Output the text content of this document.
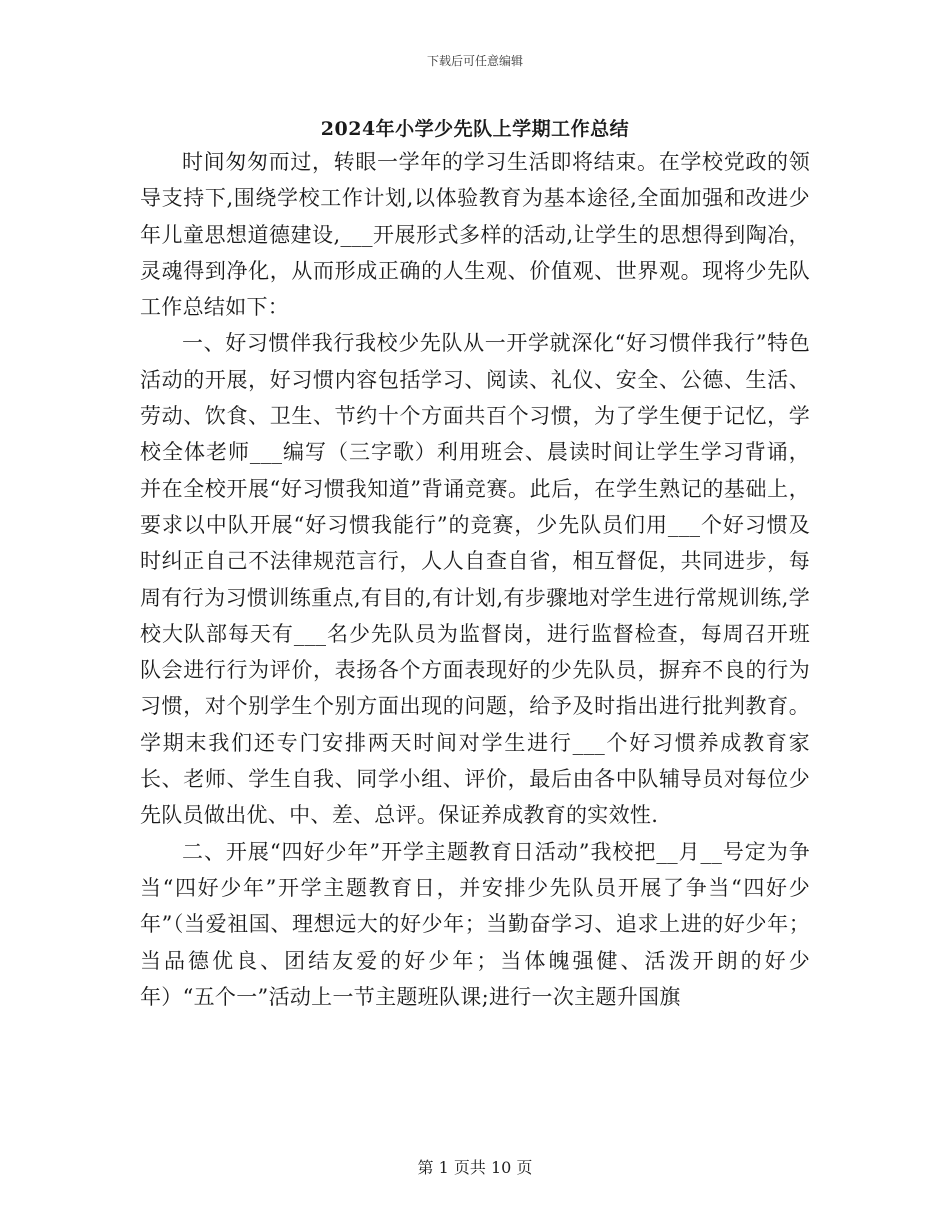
下载后可任意编辑
2024年小学少先队上学期工作总结

时间匆匆而过，转眼一学年的学习生活即将结束。在学校党政的领导支持下,围绕学校工作计划,以体验教育为基本途径,全面加强和改进少年儿童思想道德建设,___开展形式多样的活动,让学生的思想得到陶冶，灵魂得到净化，从而形成正确的人生观、价值观、世界观。现将少先队工作总结如下：

一、好习惯伴我行我校少先队从一开学就深化“好习惯伴我行”特色活动的开展，好习惯内容包括学习、阅读、礼仪、安全、公德、生活、劳动、饮食、卫生、节约十个方面共百个习惯，为了学生便于记忆，学校全体老师___编写（三字歌）利用班会、晨读时间让学生学习背诵，并在全校开展“好习惯我知道”背诵竞赛。此后，在学生熟记的基础上，要求以中队开展“好习惯我能行”的竞赛，少先队员们用___个好习惯及时纠正自己不法律规范言行，人人自查自省，相互督促，共同进步，每周有行为习惯训练重点,有目的,有计划,有步骤地对学生进行常规训练,学校大队部每天有___名少先队员为监督岗，进行监督检查，每周召开班队会进行行为评价，表扬各个方面表现好的少先队员，摒弃不良的行为习惯，对个别学生个别方面出现的问题，给予及时指出进行批判教育。学期末我们还专门安排两天时间对学生进行___个好习惯养成教育家长、老师、学生自我、同学小组、评价，最后由各中队辅导员对每位少先队员做出优、中、差、总评。保证养成教育的实效性.

二、开展“四好少年”开学主题教育日活动”我校把__月__号定为争当“四好少年”开学主题教育日，并安排少先队员开展了争当“四好少年”（当爱祖国、理想远大的好少年；当勤奋学习、追求上进的好少年；当品德优良、团结友爱的好少年；当体魄强健、活泼开朗的好少年）“五个一”活动上一节主题班队课;进行一次主题升国旗

第 1 页共 10 页
